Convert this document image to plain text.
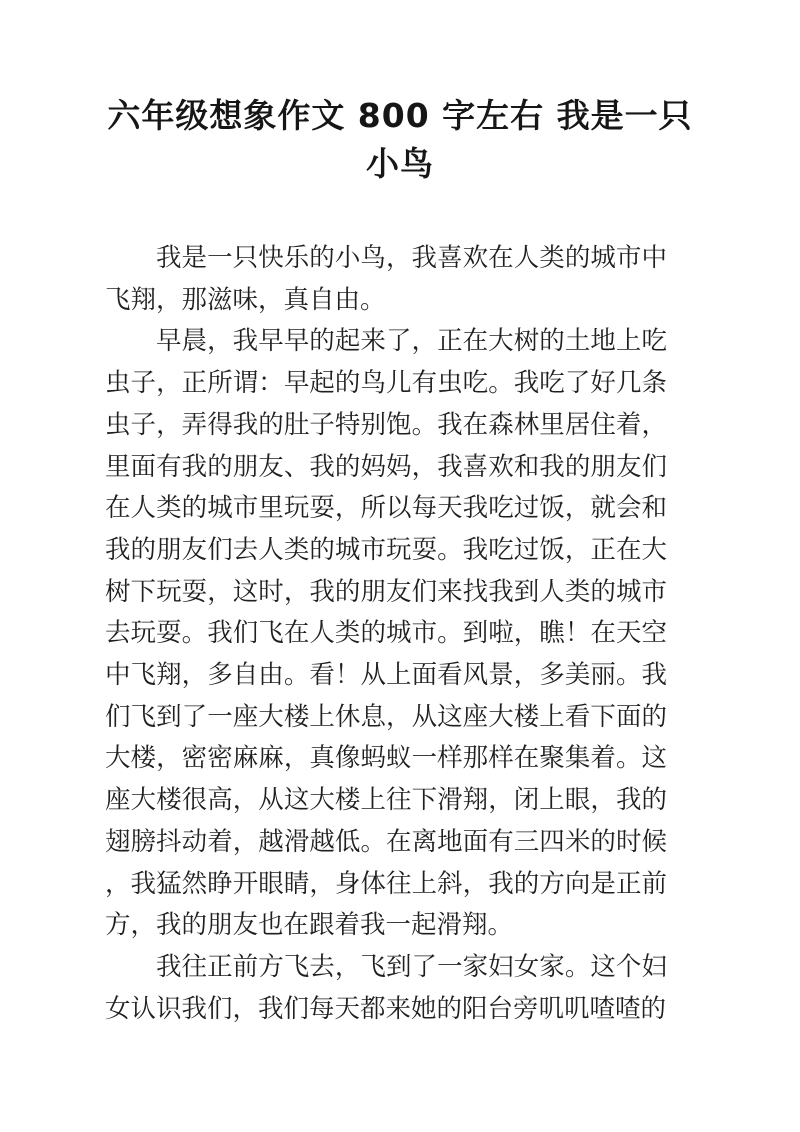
六年级想象作文 800 字左右 我是一只
小鸟

我是一只快乐的小鸟，我喜欢在人类的城市中飞翔，那滋味，真自由。

早晨，我早早的起来了，正在大树的土地上吃虫子，正所谓：早起的鸟儿有虫吃。我吃了好几条虫子，弄得我的肚子特别饱。我在森林里居住着，里面有我的朋友、我的妈妈，我喜欢和我的朋友们在人类的城市里玩耍，所以每天我吃过饭，就会和我的朋友们去人类的城市玩耍。我吃过饭，正在大树下玩耍，这时，我的朋友们来找我到人类的城市去玩耍。我们飞在人类的城市。到啦，瞧！在天空中飞翔，多自由。看！从上面看风景，多美丽。我们飞到了一座大楼上休息，从这座大楼上看下面的大楼，密密麻麻，真像蚂蚁一样那样在聚集着。这座大楼很高，从这大楼上往下滑翔，闭上眼，我的翅膀抖动着，越滑越低。在离地面有三四米的时候，我猛然睁开眼睛，身体往上斜，我的方向是正前方，我的朋友也在跟着我一起滑翔。

我往正前方飞去，飞到了一家妇女家。这个妇女认识我们，我们每天都来她的阳台旁叽叽喳喳的
